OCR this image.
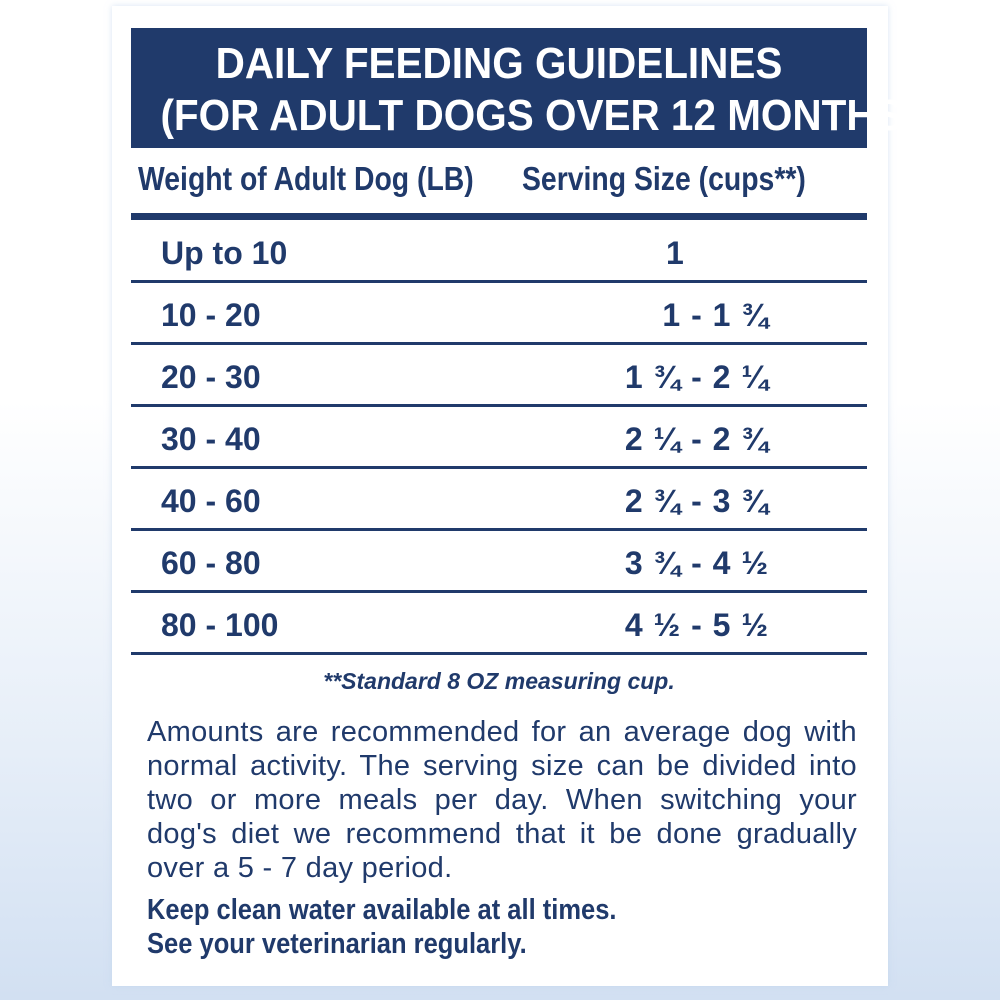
DAILY FEEDING GUIDELINES
(FOR ADULT DOGS OVER 12 MONTHS)
Weight of Adult Dog (LB) Serving Size (cups**)
Up to 10	1
10 - 20	1 - 1 ¾
20 - 30	1 ¾ - 2 ¼
30 - 40	2 ¼ - 2 ¾
40 - 60	2 ¾ - 3 ¾
60 - 80	3 ¾ - 4 ½
80 - 100	4 ½ - 5 ½
**Standard 8 OZ measuring cup.
Amounts are recommended for an average dog with normal activity. The serving size can be divided into two or more meals per day. When switching your dog's diet we recommend that it be done gradually over a 5 - 7 day period.
Keep clean water available at all times.
See your veterinarian regularly.
